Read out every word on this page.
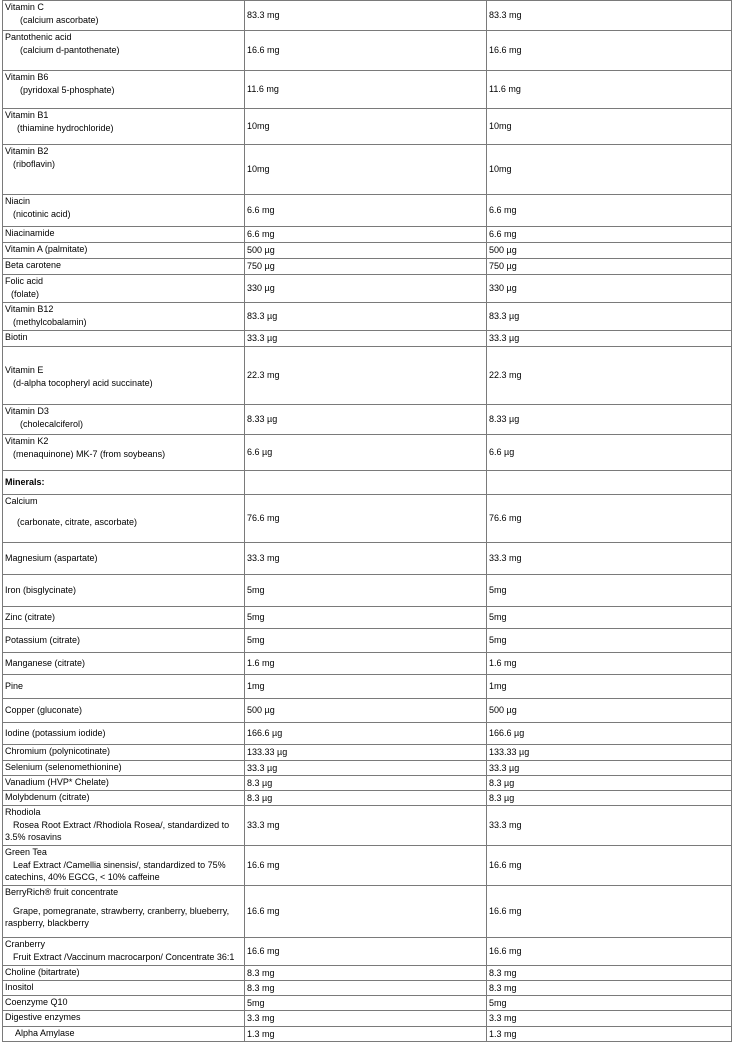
Vitamin C
(calcium ascorbate)	83.3 mg	83.3 mg
Pantothenic acid
(calcium d-pantothenate)	16.6 mg	16.6 mg
Vitamin B6
(pyridoxal 5-phosphate)	11.6 mg	11.6 mg
Vitamin B1
(thiamine hydrochloride)	10mg	10mg
Vitamin B2
(riboflavin)	10mg	10mg
Niacin
(nicotinic acid)	6.6 mg	6.6 mg
Niacinamide	6.6 mg	6.6 mg
Vitamin A (palmitate)	500 µg	500 µg
Beta carotene	750 µg	750 µg
Folic acid
(folate)	330 µg	330 µg
Vitamin B12
(methylcobalamin)	83.3 µg	83.3 µg
Biotin	33.3 µg	33.3 µg
Vitamin E
(d-alpha tocopheryl acid succinate)	22.3 mg	22.3 mg
Vitamin D3
(cholecalciferol)	8.33 µg	8.33 µg
Vitamin K2
(menaquinone) MK-7 (from soybeans)	6.6 µg	6.6 µg
Minerals:		
Calcium
(carbonate, citrate, ascorbate)	76.6 mg	76.6 mg
Magnesium (aspartate)	33.3 mg	33.3 mg
Iron (bisglycinate)	5mg	5mg
Zinc (citrate)	5mg	5mg
Potassium (citrate)	5mg	5mg
Manganese (citrate)	1.6 mg	1.6 mg
Pine	1mg	1mg
Copper (gluconate)	500 µg	500 µg
Iodine (potassium iodide)	166.6 µg	166.6 µg
Chromium (polynicotinate)	133.33 µg	133.33 µg
Selenium (selenomethionine)	33.3 µg	33.3 µg
Vanadium (HVP* Chelate)	8.3 µg	8.3 µg
Molybdenum (citrate)	8.3 µg	8.3 µg
Rhodiola
Rosea Root Extract /Rhodiola Rosea/, standardized to 3.5% rosavins	33.3 mg	33.3 mg
Green Tea
Leaf Extract /Camellia sinensis/, standardized to 75% catechins, 40% EGCG, < 10% caffeine	16.6 mg	16.6 mg
BerryRich® fruit concentrate
Grape, pomegranate, strawberry, cranberry, blueberry, raspberry, blackberry	16.6 mg	16.6 mg
Cranberry
Fruit Extract /Vaccinum macrocarpon/ Concentrate 36:1	16.6 mg	16.6 mg
Choline (bitartrate)	8.3 mg	8.3 mg
Inositol	8.3 mg	8.3 mg
Coenzyme Q10	5mg	5mg
Digestive enzymes	3.3 mg	3.3 mg
Alpha Amylase	1.3 mg	1.3 mg
